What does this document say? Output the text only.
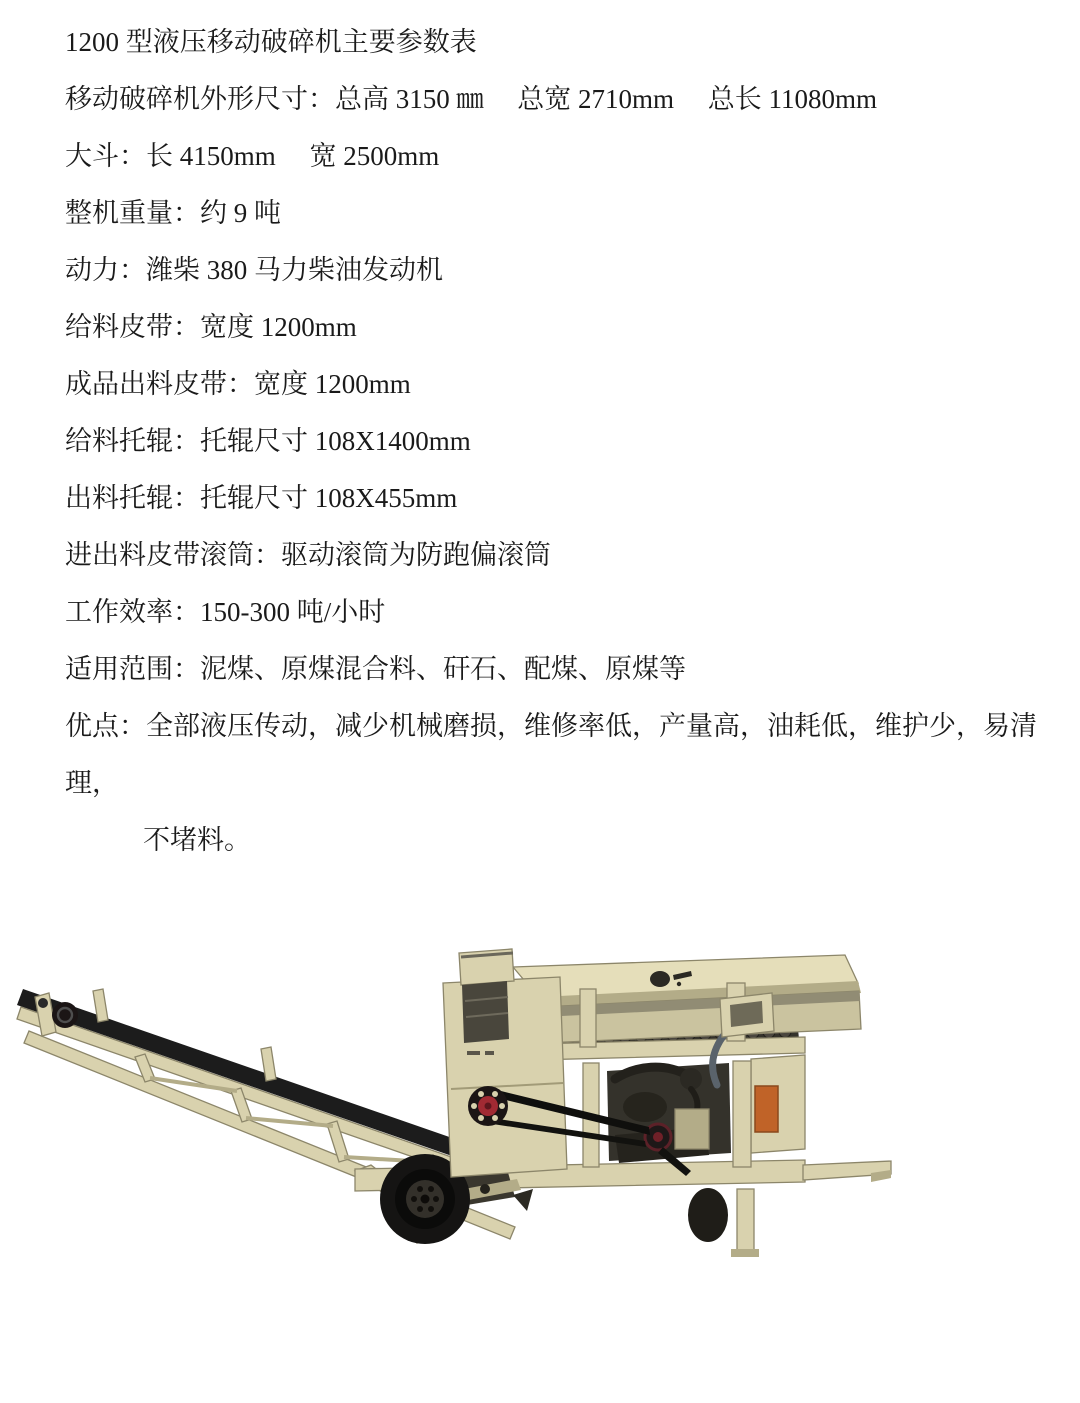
1200 型液压移动破碎机主要参数表
移动破碎机外形尺寸：总高 3150 ㎜　 总宽 2710mm　 总长 11080mm
大斗：长 4150mm　 宽 2500mm
整机重量：约 9 吨
动力：潍柴 380 马力柴油发动机
给料皮带：宽度 1200mm
成品出料皮带：宽度 1200mm
给料托辊：托辊尺寸 108X1400mm
出料托辊：托辊尺寸 108X455mm
进出料皮带滚筒：驱动滚筒为防跑偏滚筒
工作效率：150-300 吨/小时
适用范围：泥煤、原煤混合料、矸石、配煤、原煤等
优点：全部液压传动，减少机械磨损，维修率低，产量高，油耗低，维护少，易清理，
不堵料。
